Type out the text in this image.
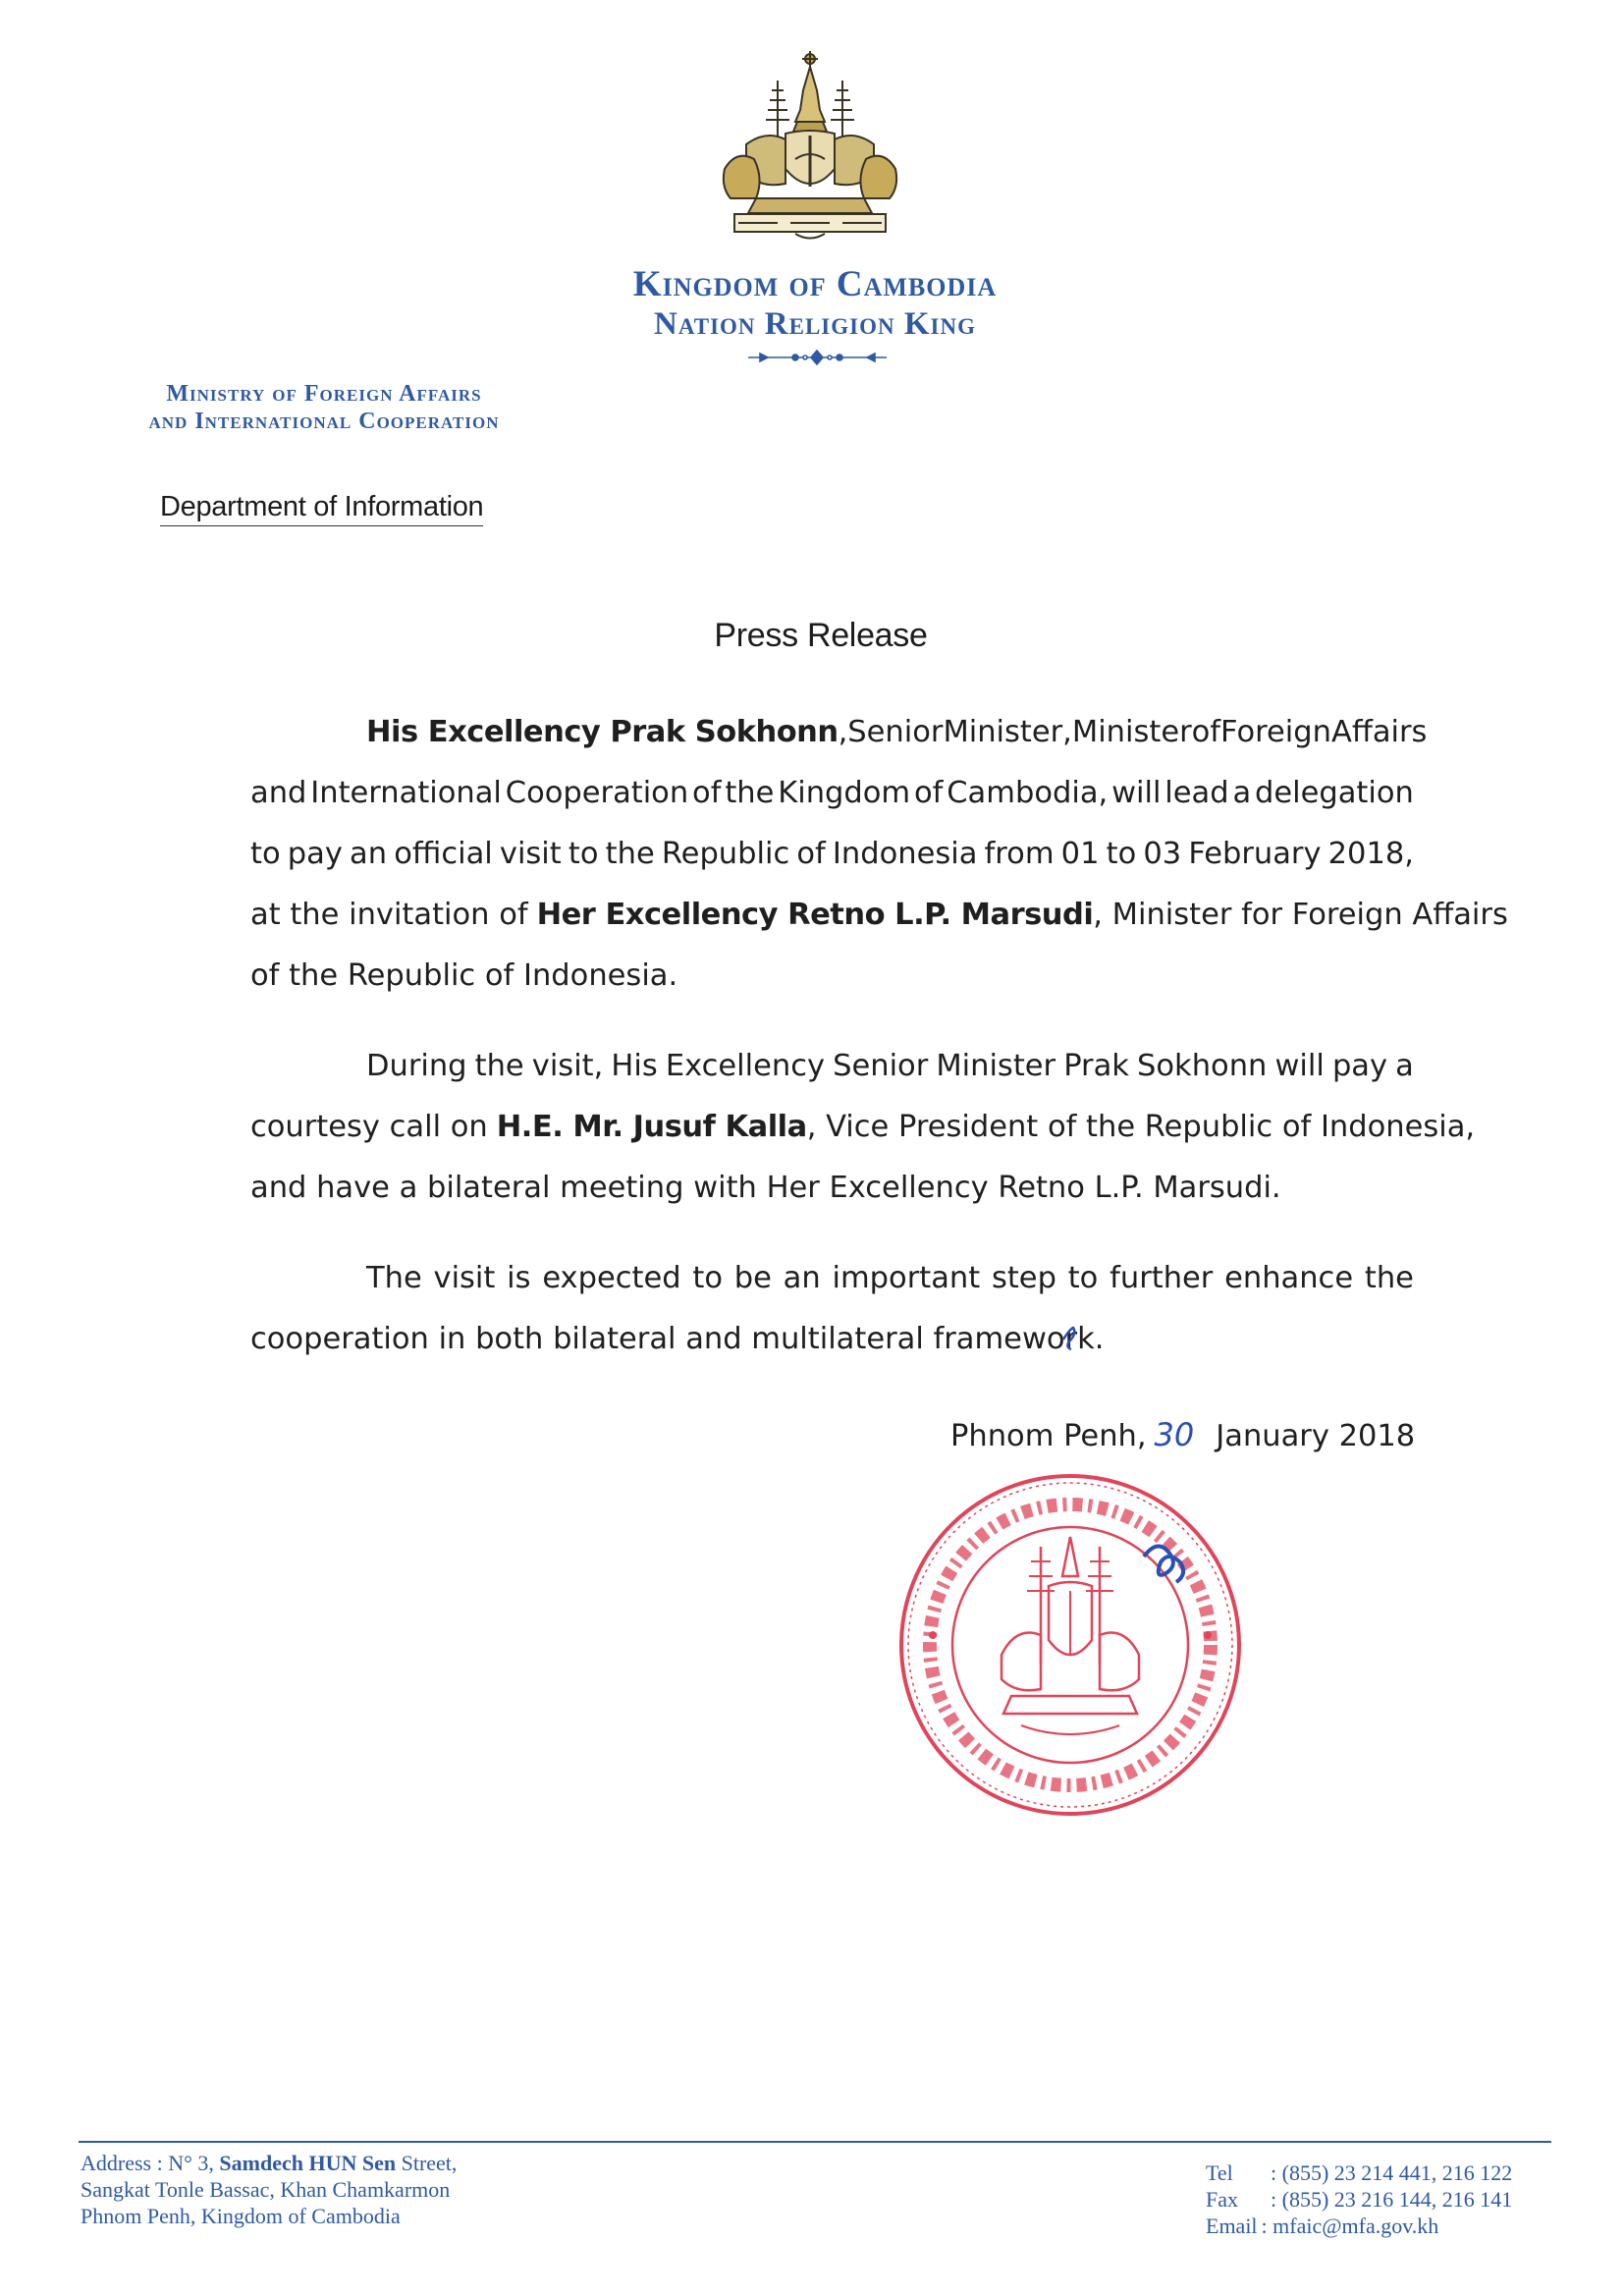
Kingdom of Cambodia
Nation Religion King
Ministry of Foreign Affairs
and International Cooperation
Department of Information
Press Release
His Excellency Prak Sokhonn , Senior Minister, Minister of Foreign Affairs
and International Cooperation of the Kingdom of Cambodia, will lead a delegation
to pay an official visit to the Republic of Indonesia from 01 to 03 February 2018,
at the invitation of Her Excellency Retno L.P. Marsudi , Minister for Foreign Affairs
of the Republic of Indonesia.
During the visit, His Excellency Senior Minister Prak Sokhonn will pay a
courtesy call on H.E. Mr. Jusuf Kalla , Vice President of the Republic of Indonesia,
and have a bilateral meeting with Her Excellency Retno L.P. Marsudi.
The visit is expected to be an important step to further enhance the
cooperation in both bilateral and multilateral framework.
Phnom Penh, 30 January 2018
Address : N° 3, Samdech HUN Sen Street,
Sangkat Tonle Bassac, Khan Chamkarmon
Phnom Penh, Kingdom of Cambodia
Tel : (855) 23 214 441, 216 122
Fax : (855) 23 216 144, 216 141
Email : mfaic@mfa.gov.kh
